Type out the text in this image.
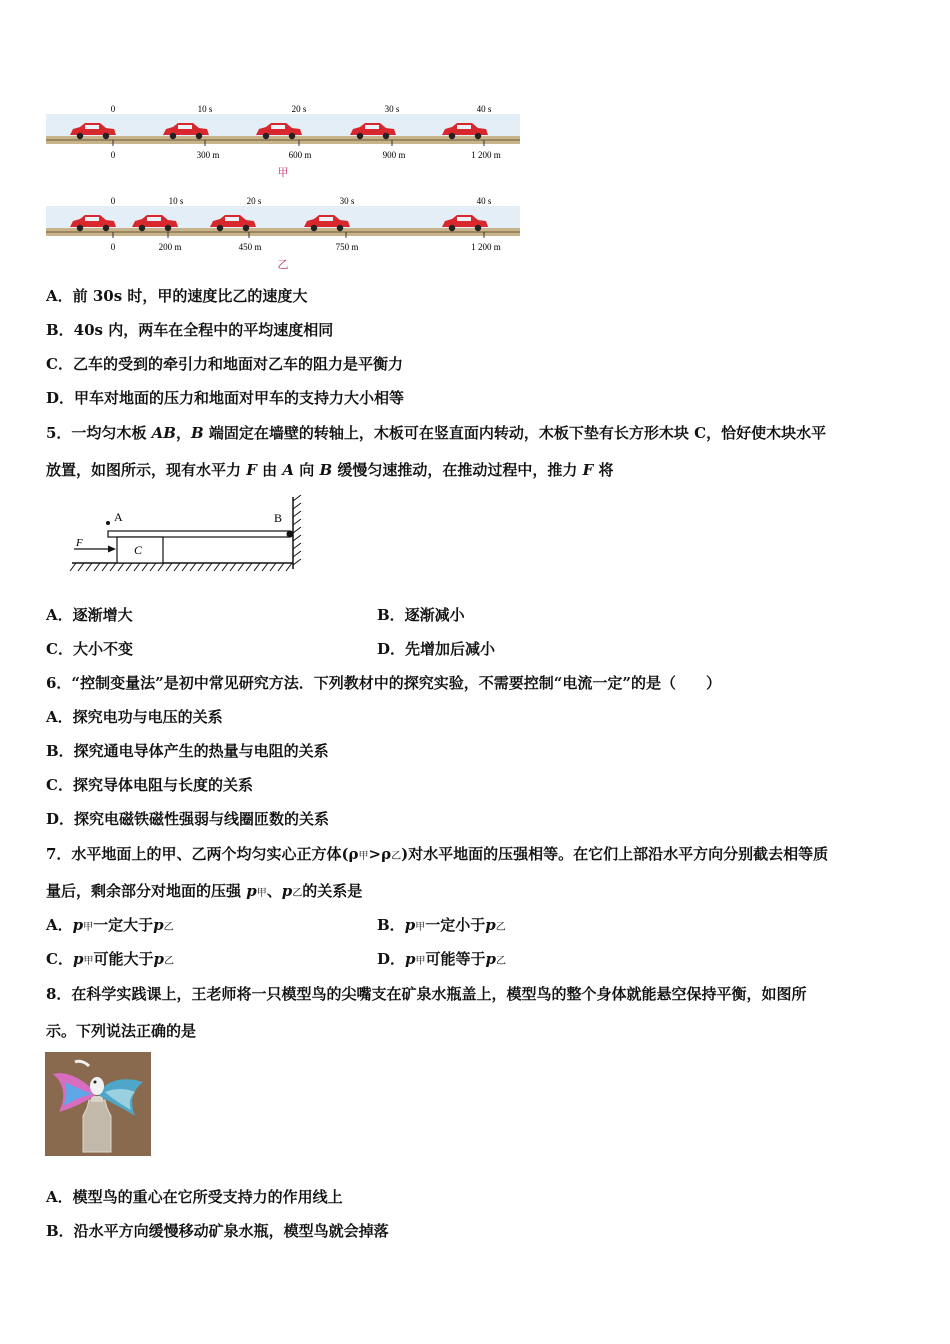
0	10 s	20 s	30 s	40 s
0	300 m	600 m	900 m	1 200 m
甲
0	10 s	20 s	30 s	40 s
0	200 m	450 m	750 m	1 200 m
乙
A．前 30s 时，甲的速度比乙的速度大
B．40s 内，两车在全程中的平均速度相同
C．乙车的受到的牵引力和地面对乙车的阻力是平衡力
D．甲车对地面的压力和地面对甲车的支持力大小相等
5．一均匀木板 AB，B 端固定在墙壁的转轴上，木板可在竖直面内转动，木板下垫有长方形木块 C，恰好使木块水平
放置，如图所示，现有水平力 F 由 A 向 B 缓慢匀速推动，在推动过程中，推力 F 将
A	B
C
F
A．逐渐增大	B．逐渐减小
C．大小不变	D．先增加后减小
6．“控制变量法”是初中常见研究方法．下列教材中的探究实验，不需要控制“电流一定”的是（　　）
A．探究电功与电压的关系
B．探究通电导体产生的热量与电阻的关系
C．探究导体电阻与长度的关系
D．探究电磁铁磁性强弱与线圈匝数的关系
7．水平地面上的甲、乙两个均匀实心正方体(ρ甲>ρ乙)对水平地面的压强相等。在它们上部沿水平方向分别截去相等质
量后，剩余部分对地面的压强 p甲、p乙的关系是
A．p甲一定大于p乙	B．p甲一定小于p乙
C．p甲可能大于p乙	D．p甲可能等于p乙
8．在科学实践课上，王老师将一只模型鸟的尖嘴支在矿泉水瓶盖上，模型鸟的整个身体就能悬空保持平衡，如图所
示。下列说法正确的是
A．模型鸟的重心在它所受支持力的作用线上
B．沿水平方向缓慢移动矿泉水瓶，模型鸟就会掉落
